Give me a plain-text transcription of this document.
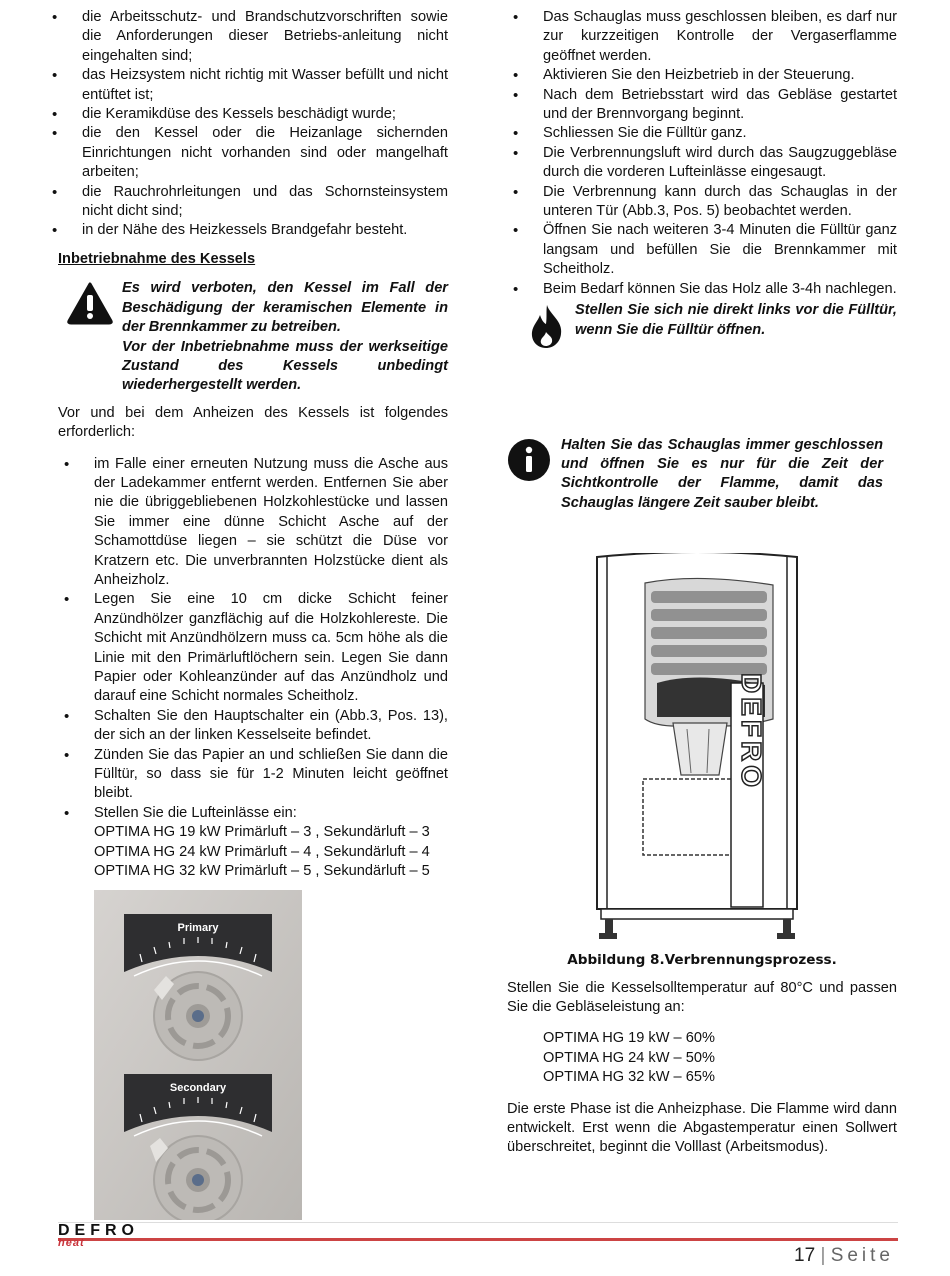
• die Arbeitsschutz- und Brandschutzvorschriften sowie die Anforderungen dieser Betriebs-anleitung nicht eingehalten sind;
• das Heizsystem nicht richtig mit Wasser befüllt und nicht entüftet ist;
• die Keramikdüse des Kessels beschädigt wurde;
• die den Kessel oder die Heizanlage sichernden Einrichtungen nicht vorhanden sind oder mangelhaft arbeiten;
• die Rauchrohrleitungen und das Schornsteinsystem nicht dicht sind;
• in der Nähe des Heizkessels Brandgefahr besteht.
Inbetriebnahme des Kessels
Es wird verboten, den Kessel im Fall der Beschädigung der keramischen Elemente in der Brennkammer zu betreiben.
Vor der Inbetriebnahme muss der werkseitige Zustand des Kessels unbedingt wiederhergestellt werden.

Vor und bei dem Anheizen des Kessels ist folgendes erforderlich:

• im Falle einer erneuten Nutzung muss die Asche aus der Ladekammer entfernt werden. Entfernen Sie aber nie die übriggebliebenen Holzkohlestücke und lassen Sie immer eine dünne Schicht Asche auf der Schamottdüse liegen – sie schützt die Düse vor Kratzern etc. Die unverbrannten Holzstücke dient als Anheizholz.
• Legen Sie eine 10 cm dicke Schicht feiner Anzündhölzer ganzflächig auf die Holzkohlereste. Die Schicht mit Anzündhölzern muss ca. 5cm höhe als die Linie mit den Primärluftlöchern sein. Legen Sie dann Papier oder Kohleanzünder auf das Anzündholz und darauf eine Schicht normales Scheitholz.
• Schalten Sie den Hauptschalter ein (Abb.3, Pos. 13), der sich an der linken Kesselseite befindet.
• Zünden Sie das Papier an und schließen Sie dann die Fülltür, so dass sie für 1-2 Minuten leicht geöffnet bleibt.
• Stellen Sie die Lufteinlässe ein:
OPTIMA HG 19 kW Primärluft – 3 , Sekundärluft – 3
OPTIMA HG 24 kW Primärluft – 4 , Sekundärluft – 4
OPTIMA HG 32 kW Primärluft – 5 , Sekundärluft – 5
Primary
Secondary
• Das Schauglas muss geschlossen bleiben, es darf nur zur kurzzeitigen Kontrolle der Vergaserflamme geöffnet werden.
• Aktivieren Sie den Heizbetrieb in der Steuerung.
• Nach dem Betriebsstart wird das Gebläse gestartet und der Brennvorgang beginnt.
• Schliessen Sie die Fülltür ganz.
• Die Verbrennungsluft wird durch das Saugzuggebläse durch die vorderen Lufteinlässe eingesaugt.
• Die Verbrennung kann durch das Schauglas in der unteren Tür (Abb.3, Pos. 5) beobachtet werden.
• Öffnen Sie nach weiteren 3-4 Minuten die Fülltür ganz langsam und befüllen Sie die Brennkammer mit Scheitholz.
• Beim Bedarf können Sie das Holz alle 3-4h nachlegen.
Stellen Sie sich nie direkt links vor die Fülltür, wenn Sie die Fülltür öffnen.
Halten Sie das Schauglas immer geschlossen und öffnen Sie es nur für die Zeit der Sichtkontrolle der Flamme, damit das Schauglas längere Zeit sauber bleibt.
DEFRO
Abbildung 8.Verbrennungsprozess.

Stellen Sie die Kesselsolltemperatur auf 80°C und passen Sie die Gebläseleistung an:

OPTIMA HG 19 kW – 60%
OPTIMA HG 24 kW – 50%
OPTIMA HG 32 kW – 65%

Die erste Phase ist die Anheizphase. Die Flamme wird dann entwickelt. Erst wenn die Abgastemperatur einen Sollwert überschreitet, beginnt die Volllast (Arbeitsmodus).

DEFRO
heat
17 | Seite
